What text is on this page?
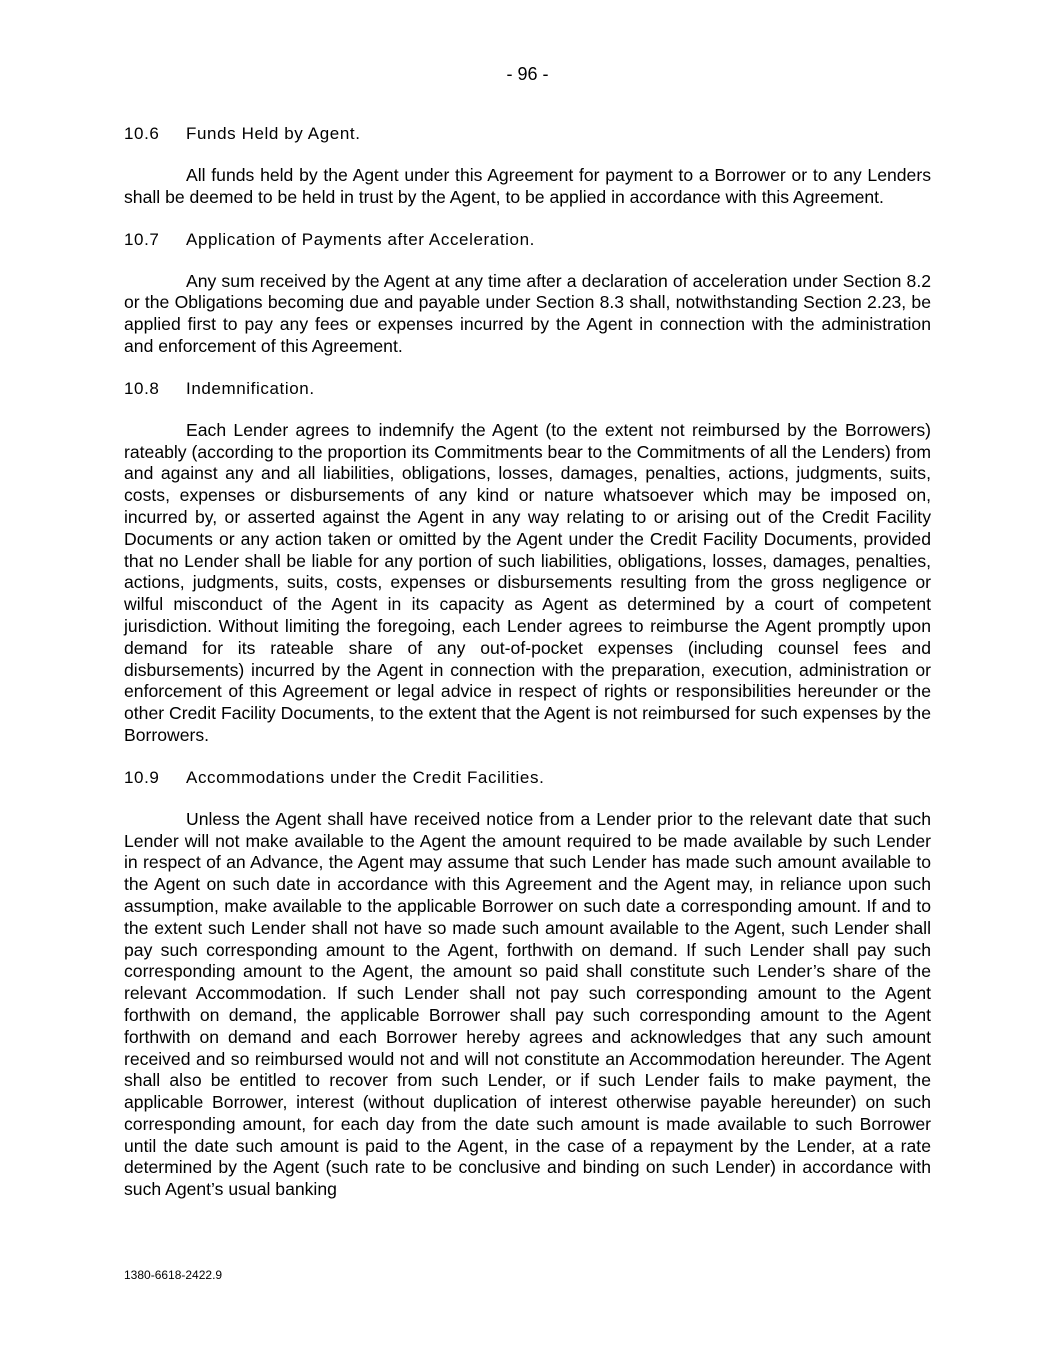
- 96 -
10.6 Funds Held by Agent.

All funds held by the Agent under this Agreement for payment to a Borrower or to any Lenders shall be deemed to be held in trust by the Agent, to be applied in accordance with this Agreement.

10.7 Application of Payments after Acceleration.

Any sum received by the Agent at any time after a declaration of acceleration under Section 8.2 or the Obligations becoming due and payable under Section 8.3 shall, notwithstanding Section 2.23, be applied first to pay any fees or expenses incurred by the Agent in connection with the administration and enforcement of this Agreement.

10.8 Indemnification.

Each Lender agrees to indemnify the Agent (to the extent not reimbursed by the Borrowers) rateably (according to the proportion its Commitments bear to the Commitments of all the Lenders) from and against any and all liabilities, obligations, losses, damages, penalties, actions, judgments, suits, costs, expenses or disbursements of any kind or nature whatsoever which may be imposed on, incurred by, or asserted against the Agent in any way relating to or arising out of the Credit Facility Documents or any action taken or omitted by the Agent under the Credit Facility Documents, provided that no Lender shall be liable for any portion of such liabilities, obligations, losses, damages, penalties, actions, judgments, suits, costs, expenses or disbursements resulting from the gross negligence or wilful misconduct of the Agent in its capacity as Agent as determined by a court of competent jurisdiction. Without limiting the foregoing, each Lender agrees to reimburse the Agent promptly upon demand for its rateable share of any out-of-pocket expenses (including counsel fees and disbursements) incurred by the Agent in connection with the preparation, execution, administration or enforcement of this Agreement or legal advice in respect of rights or responsibilities hereunder or the other Credit Facility Documents, to the extent that the Agent is not reimbursed for such expenses by the Borrowers.

10.9 Accommodations under the Credit Facilities.

Unless the Agent shall have received notice from a Lender prior to the relevant date that such Lender will not make available to the Agent the amount required to be made available by such Lender in respect of an Advance, the Agent may assume that such Lender has made such amount available to the Agent on such date in accordance with this Agreement and the Agent may, in reliance upon such assumption, make available to the applicable Borrower on such date a corresponding amount. If and to the extent such Lender shall not have so made such amount available to the Agent, such Lender shall pay such corresponding amount to the Agent, forthwith on demand. If such Lender shall pay such corresponding amount to the Agent, the amount so paid shall constitute such Lender’s share of the relevant Accommodation. If such Lender shall not pay such corresponding amount to the Agent forthwith on demand, the applicable Borrower shall pay such corresponding amount to the Agent forthwith on demand and each Borrower hereby agrees and acknowledges that any such amount received and so reimbursed would not and will not constitute an Accommodation hereunder. The Agent shall also be entitled to recover from such Lender, or if such Lender fails to make payment, the applicable Borrower, interest (without duplication of interest otherwise payable hereunder) on such corresponding amount, for each day from the date such amount is made available to such Borrower until the date such amount is paid to the Agent, in the case of a repayment by the Lender, at a rate determined by the Agent (such rate to be conclusive and binding on such Lender) in accordance with such Agent’s usual banking

1380-6618-2422.9
